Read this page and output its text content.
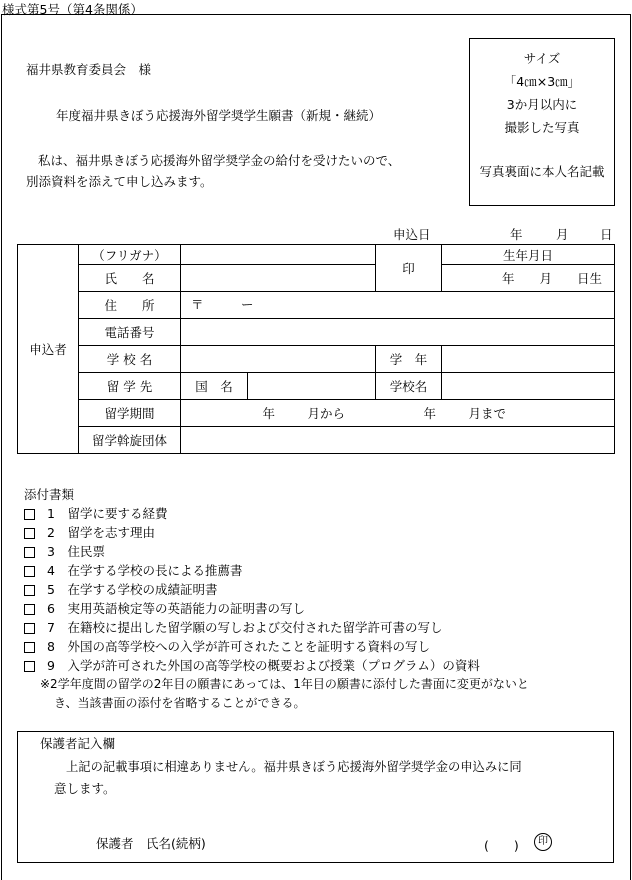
様式第5号（第4条関係）
福井県教育委員会　様
年度福井県きぼう応援海外留学奨学生願書（新規・継続）
私は、福井県きぼう応援海外留学奨学金の給付を受けたいので、
別添資料を添えて申し込みます。
サイズ
「4㎝×3㎝」
3か月以内に
撮影した写真
写真裏面に本人名記載
申込日	年	月	日
申込者	（フリガナ）			印	生年月日
	氏　　名				年　　月　　日生
	住　　所	〒　　　ー			
	電話番号				
	学 校 名			学　年	
	留 学 先	国　名		学校名	
	留学期間	年 月から 年 月まで			
	留学斡旋団体				
添付書類
1　留学に要する経費
2　留学を志す理由
3　住民票
4　在学する学校の長による推薦書
5　在学する学校の成績証明書
6　実用英語検定等の英語能力の証明書の写し
7　在籍校に提出した留学願の写しおよび交付された留学許可書の写し
8　外国の高等学校への入学が許可されたことを証明する資料の写し
9　入学が許可された外国の高等学校の概要および授業（プログラム）の資料
※2学年度間の留学の2年目の願書にあっては、1年目の願書に添付した書面に変更がないと
き、当該書面の添付を省略することができる。
保護者記入欄
上記の記載事項に相違ありません。福井県きぼう応援海外留学奨学金の申込みに同
意します。
保護者　氏名(続柄)	(　　)	印
